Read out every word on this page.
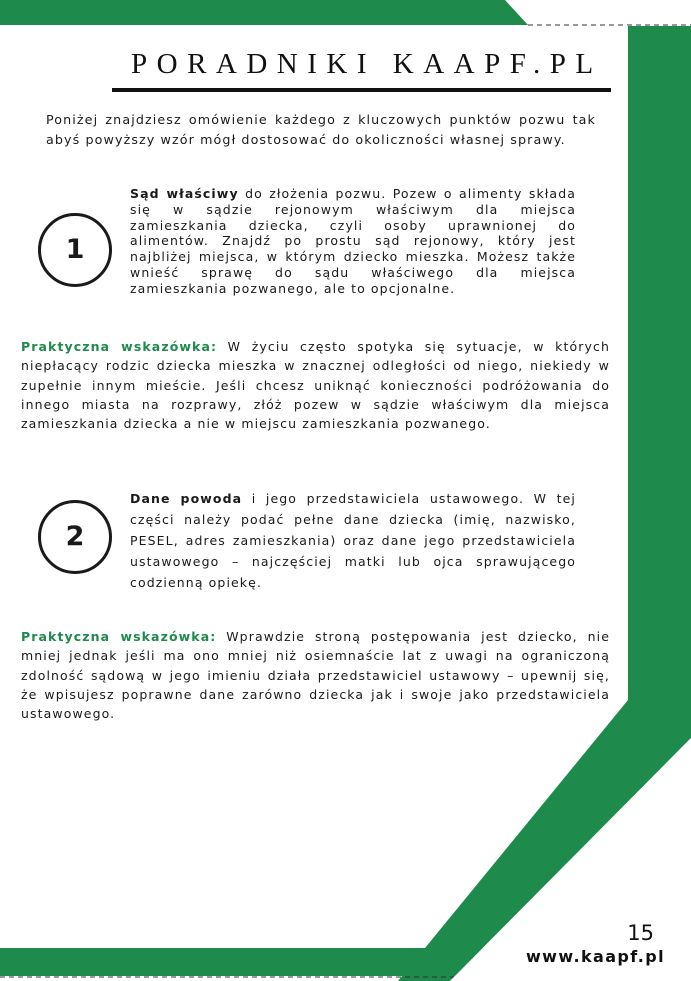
PORADNIKI KAAPF.PL

Poniżej znajdziesz omówienie każdego z kluczowych punktów pozwu tak abyś powyższy wzór mógł dostosować do okoliczności własnej sprawy.

1

Sąd właściwy do złożenia pozwu. Pozew o alimenty składa się w sądzie rejonowym właściwym dla miejsca zamieszkania dziecka, czyli osoby uprawnionej do alimentów. Znajdź po prostu sąd rejonowy, który jest najbliżej miejsca, w którym dziecko mieszka. Możesz także wnieść sprawę do sądu właściwego dla miejsca zamieszkania pozwanego, ale to opcjonalne.

Praktyczna wskazówka: W życiu często spotyka się sytuacje, w których niepłacący rodzic dziecka mieszka w znacznej odległości od niego, niekiedy w zupełnie innym mieście. Jeśli chcesz uniknąć konieczności podróżowania do innego miasta na rozprawy, złóż pozew w sądzie właściwym dla miejsca zamieszkania dziecka a nie w miejscu zamieszkania pozwanego.

2

Dane powoda i jego przedstawiciela ustawowego. W tej części należy podać pełne dane dziecka (imię, nazwisko, PESEL, adres zamieszkania) oraz dane jego przedstawiciela ustawowego – najczęściej matki lub ojca sprawującego codzienną opiekę.

Praktyczna wskazówka: Wprawdzie stroną postępowania jest dziecko, nie mniej jednak jeśli ma ono mniej niż osiemnaście lat z uwagi na ograniczoną zdolność sądową w jego imieniu działa przedstawiciel ustawowy – upewnij się, że wpisujesz poprawne dane zarówno dziecka jak i swoje jako przedstawiciela ustawowego.

15
www.kaapf.pl
